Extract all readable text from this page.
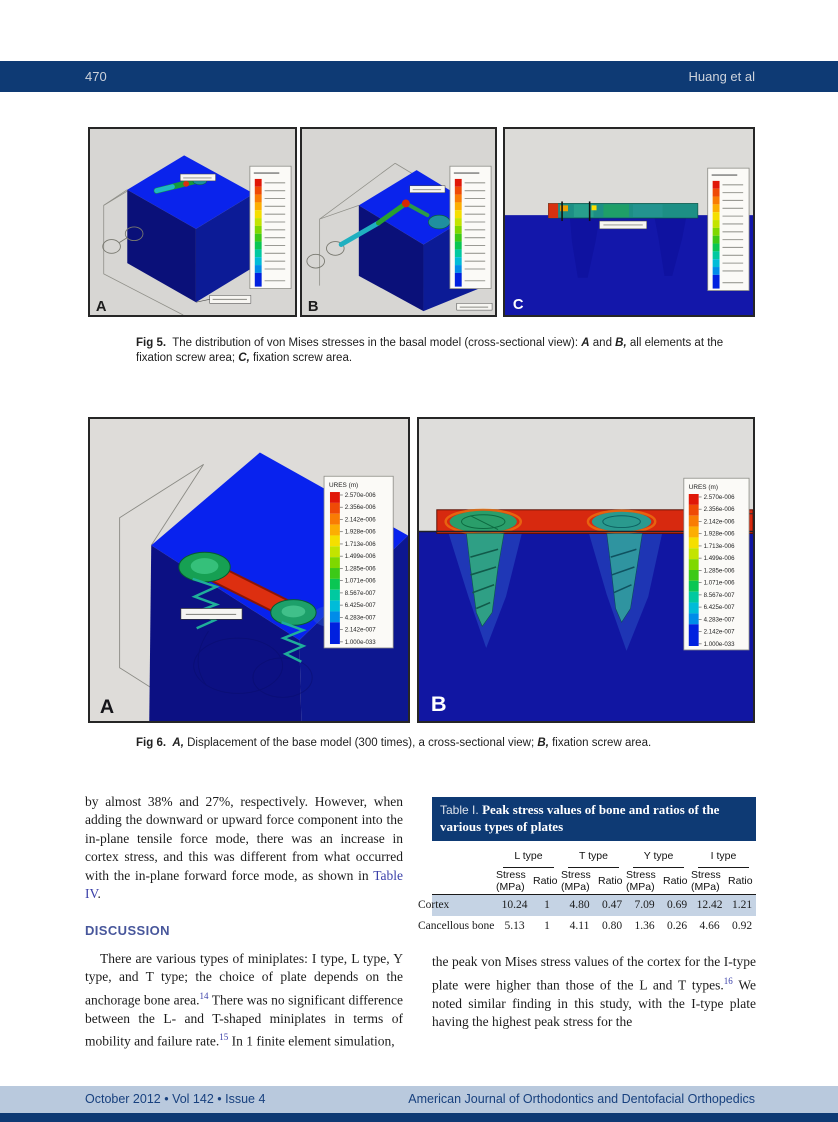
470	Huang et al
A	B	C
Fig 5. The distribution of von Mises stresses in the basal model (cross-sectional view): A and B, all elements at the fixation screw area; C, fixation screw area.
URES (m)
2.570e-006
2.356e-006
2.142e-006
1.928e-006
1.713e-006
1.499e-006
1.285e-006
1.071e-006
8.567e-007
6.425e-007
4.283e-007
2.142e-007
1.000e-033
A
URES (m)
2.570e-006
2.356e-006
2.142e-006
1.928e-006
1.713e-006
1.499e-006
1.285e-006
1.071e-006
8.567e-007
6.425e-007
4.283e-007
2.142e-007
1.000e-033
B
Fig 6. A, Displacement of the base model (300 times), a cross-sectional view; B, fixation screw area.

by almost 38% and 27%, respectively. However, when adding the downward or upward force component into the in-plane tensile force mode, there was an increase in cortex stress, and this was different from what occurred with the in-plane forward force mode, as shown in Table IV.

DISCUSSION

There are various types of miniplates: I type, L type, Y type, and T type; the choice of plate depends on the anchorage bone area.$^{14}$ There was no significant difference between the L- and T-shaped miniplates in terms of mobility and failure rate.$^{15}$ In 1 finite element simulation,

Table I. Peak stress values of bone and ratios of the various types of plates

	L type		T type		Y type		I type	

	Stress
(MPa)	Ratio	Stress
(MPa)	Ratio	Stress
(MPa)	Ratio	Stress
(MPa)	Ratio
Cortex	10.24	1	4.80	0.47	7.09	0.69	12.42	1.21
Cancellous bone	5.13	1	4.11	0.80	1.36	0.26	4.66	0.92

the peak von Mises stress values of the cortex for the I-type plate were higher than those of the L and T types.$^{16}$ We noted similar finding in this study, with the I-type plate having the highest peak stress for the

October 2012 • Vol 142 • Issue 4	American Journal of Orthodontics and Dentofacial Orthopedics
